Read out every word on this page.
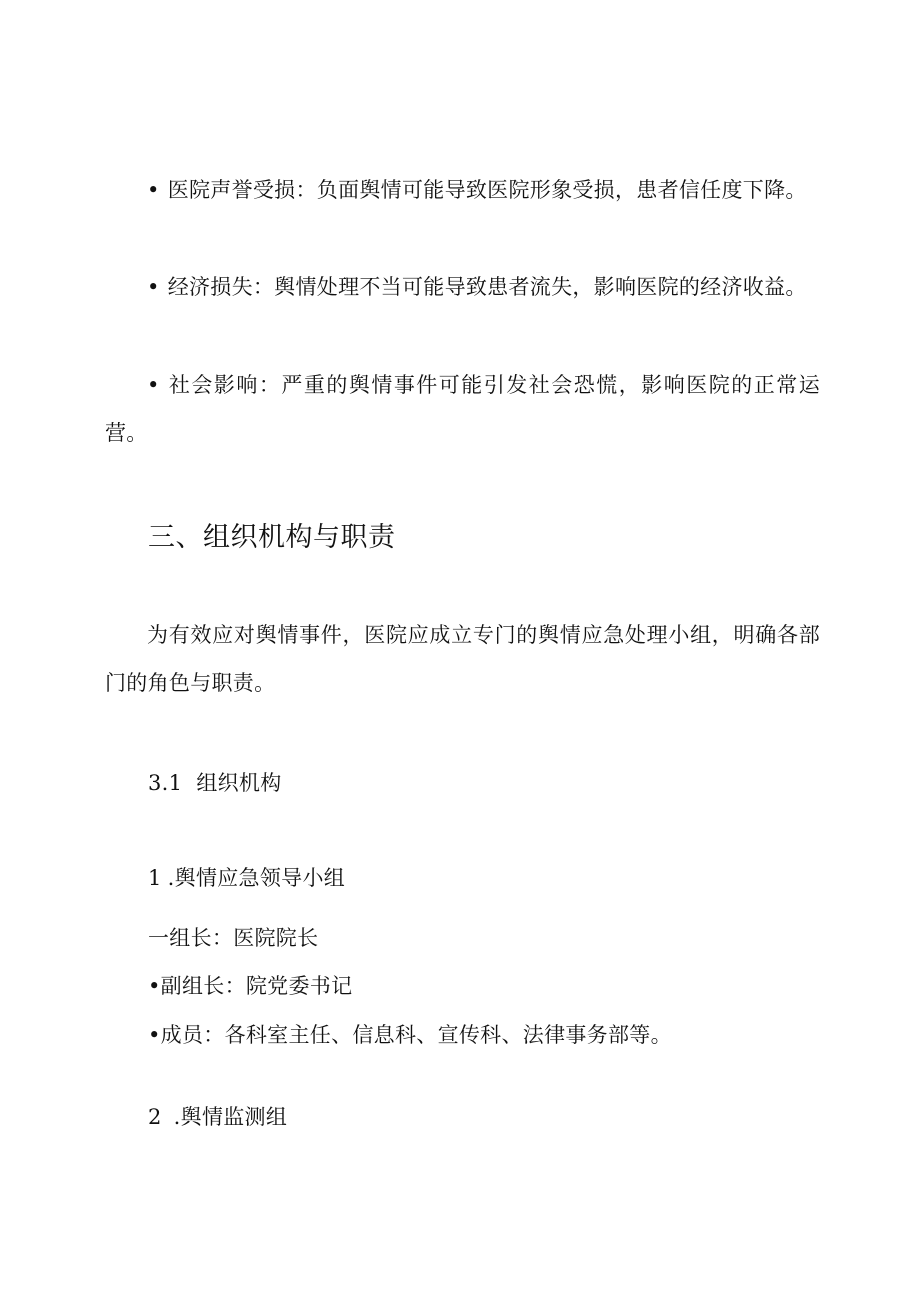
• 医院声誉受损：负面舆情可能导致医院形象受损，患者信任度下降。

• 经济损失：舆情处理不当可能导致患者流失，影响医院的经济收益。

• 社会影响：严重的舆情事件可能引发社会恐慌，影响医院的正常运营。

三、组织机构与职责

为有效应对舆情事件，医院应成立专门的舆情应急处理小组，明确各部门的角色与职责。

3.1 组织机构

1 .舆情应急领导小组

一组长：医院院长

•副组长：院党委书记

•成员：各科室主任、信息科、宣传科、法律事务部等。

2 .舆情监测组
